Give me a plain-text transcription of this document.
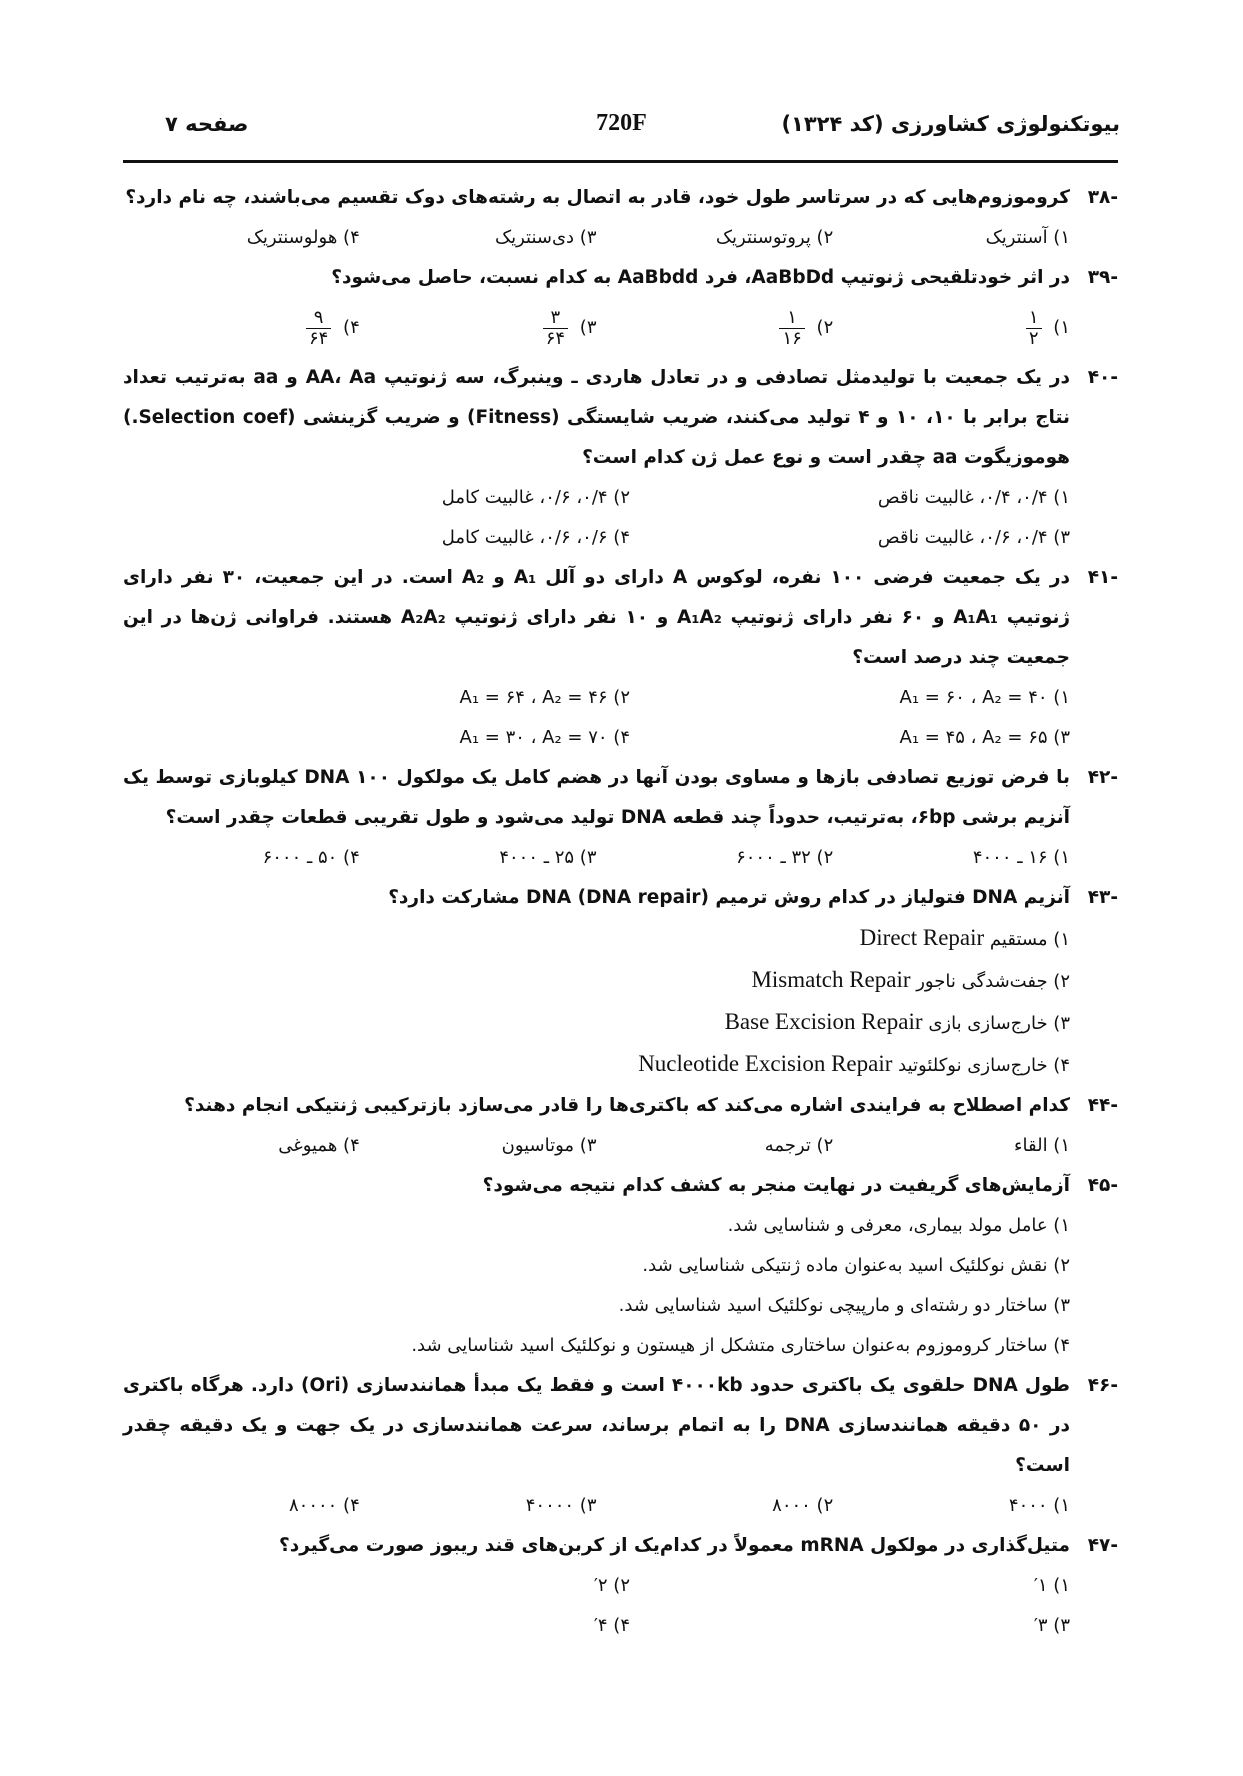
بیوتکنولوژی کشاورزی (کد ۱۳۲۴)
720F
صفحه ۷
-۳۸
کروموزوم‌هایی که در سرتاسر طول خود، قادر به اتصال به رشته‌های دوک تقسیم می‌باشند، چه نام دارد؟
۱) آسنتریک
۲) پروتوسنتریک
۳) دی‌سنتریک
۴) هولوسنتریک
-۳۹
در اثر خودتلقیحی ژنوتیپ AaBbDd، فرد AaBbdd به کدام نسبت، حاصل می‌شود؟
۱)
$\frac{۱}{۲}$
۲)
$\frac{۱}{۱۶}$
۳)
$\frac{۳}{۶۴}$
۴)
$\frac{۹}{۶۴}$
-۴۰
در یک جمعیت با تولیدمثل تصادفی و در تعادل هاردی ـ وینبرگ، سه ژنوتیپ AA، Aa و aa به‌ترتیب تعداد نتاج برابر با ۱۰، ۱۰ و ۴ تولید می‌کنند، ضریب شایستگی (Fitness) و ضریب گزینشی (Selection coef.) هوموزیگوت aa چقدر است و نوع عمل ژن کدام است؟
۱) ۰/۴، ۰/۴، غالبیت ناقص
۲) ۰/۴، ۰/۶، غالبیت کامل
۳) ۰/۴، ۰/۶، غالبیت ناقص
۴) ۰/۶، ۰/۶، غالبیت کامل
-۴۱
در یک جمعیت فرضی ۱۰۰ نفره، لوکوس A دارای دو آلل A₁ و A₂ است. در این جمعیت، ۳۰ نفر دارای ژنوتیپ A₁A₁ و ۶۰ نفر دارای ژنوتیپ A₁A₂ و ۱۰ نفر دارای ژنوتیپ A₂A₂ هستند. فراوانی ژن‌ها در این جمعیت چند درصد است؟
۱) A₁ = ۶۰ ، A₂ = ۴۰
۲) A₁ = ۶۴ ، A₂ = ۴۶
۳) A₁ = ۴۵ ، A₂ = ۶۵
۴) A₁ = ۳۰ ، A₂ = ۷۰
-۴۲
با فرض توزیع تصادفی بازها و مساوی بودن آنها در هضم کامل یک مولکول DNA ۱۰۰ کیلوبازی توسط یک آنزیم برشی ۶bp، به‌ترتیب، حدوداً چند قطعه DNA تولید می‌شود و طول تقریبی قطعات چقدر است؟
۱) ۱۶ ـ ۴۰۰۰
۲) ۳۲ ـ ۶۰۰۰
۳) ۲۵ ـ ۴۰۰۰
۴) ۵۰ ـ ۶۰۰۰
-۴۳
آنزیم DNA فتولیاز در کدام روش ترمیم DNA (DNA repair) مشارکت دارد؟
۱) مستقیم Direct Repair
۲) جفت‌شدگی ناجور Mismatch Repair
۳) خارج‌سازی بازی Base Excision Repair
۴) خارج‌سازی نوکلئوتید Nucleotide Excision Repair
-۴۴
کدام اصطلاح به فرایندی اشاره می‌کند که باکتری‌ها را قادر می‌سازد بازترکیبی ژنتیکی انجام دهند؟
۱) القاء
۲) ترجمه
۳) موتاسیون
۴) همیوغی
-۴۵
آزمایش‌های گریفیت در نهایت منجر به کشف کدام نتیجه می‌شود؟
۱) عامل مولد بیماری، معرفی و شناسایی شد.
۲) نقش نوکلئیک اسید به‌عنوان ماده ژنتیکی شناسایی شد.
۳) ساختار دو رشته‌ای و مارپیچی نوکلئیک اسید شناسایی شد.
۴) ساختار کروموزوم به‌عنوان ساختاری متشکل از هیستون و نوکلئیک اسید شناسایی شد.
-۴۶
طول DNA حلقوی یک باکتری حدود ۴۰۰۰kb است و فقط یک مبدأ همانندسازی (Ori) دارد. هرگاه باکتری در ۵۰ دقیقه همانندسازی DNA را به اتمام برساند، سرعت همانندسازی در یک جهت و یک دقیقه چقدر است؟
۱) ۴۰۰۰
۲) ۸۰۰۰
۳) ۴۰۰۰۰
۴) ۸۰۰۰۰
-۴۷
متیل‌گذاری در مولکول mRNA معمولاً در کدام‌یک از کربن‌های قند ریبوز صورت می‌گیرد؟
۱) ′۱
۲) ′۲
۳) ′۳
۴) ′۴
